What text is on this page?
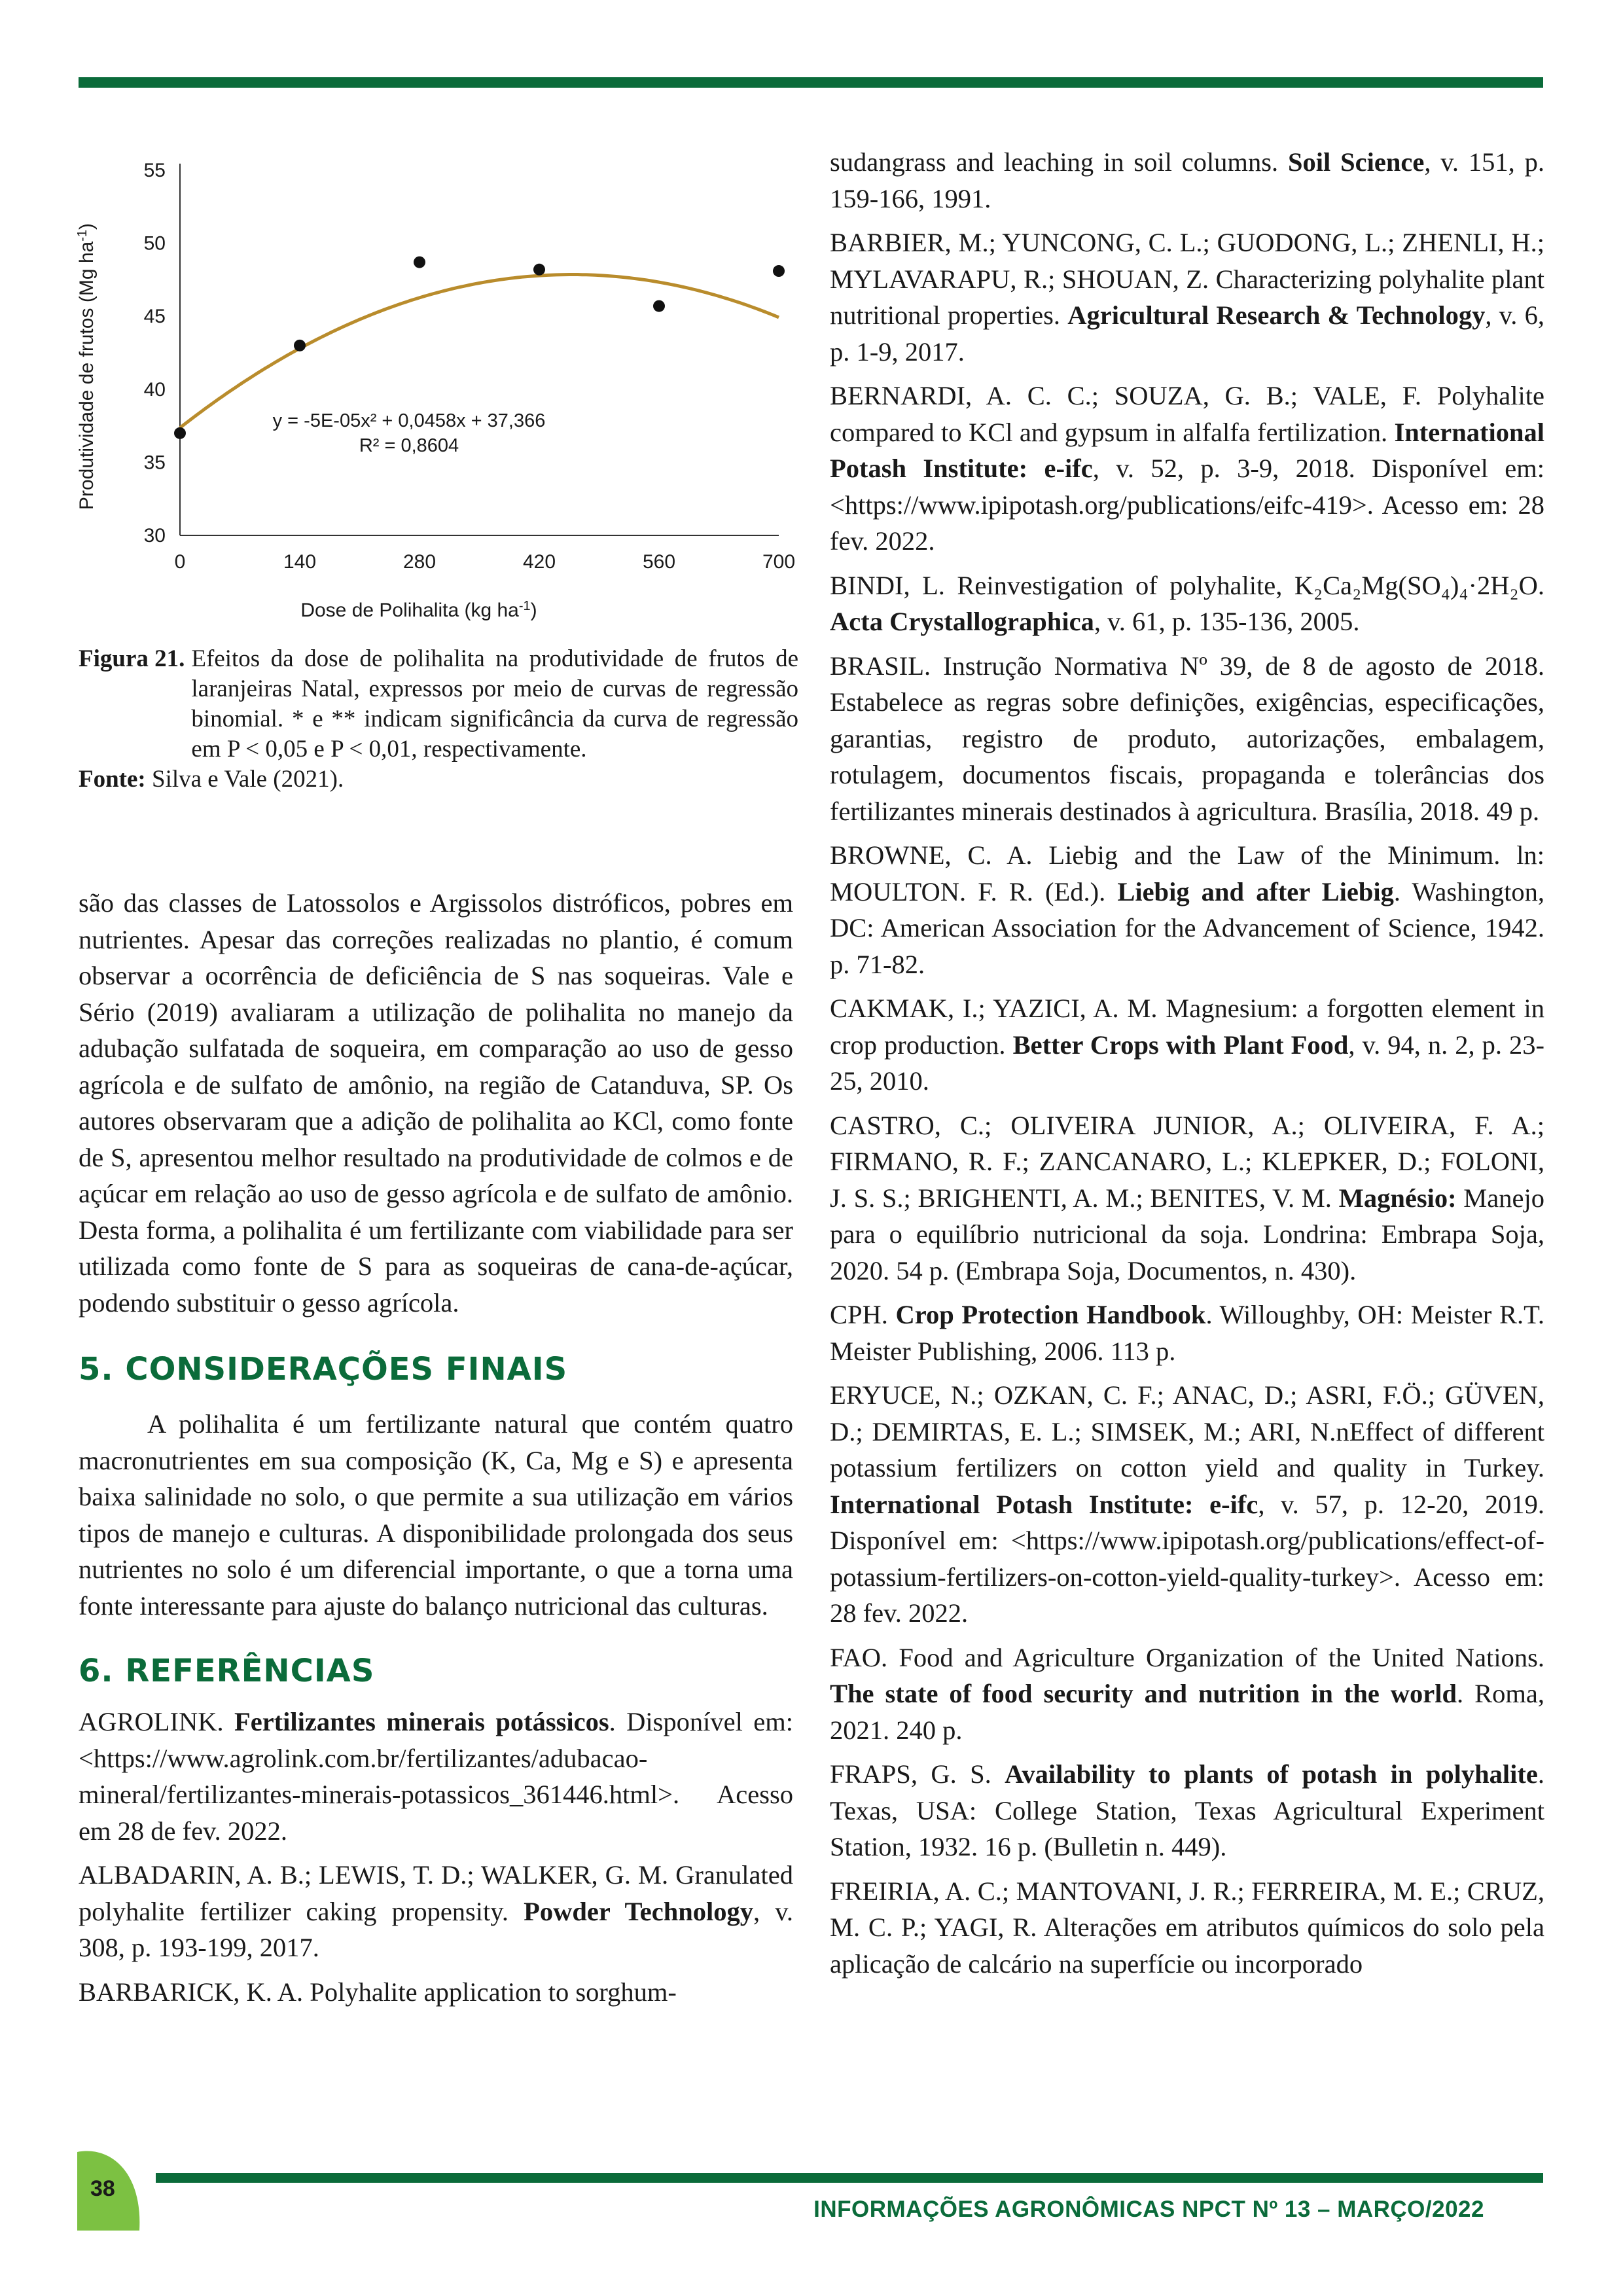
Produtividade de frutos (Mg $ha^{-1}$)
Dose de Polihalita (kg $ha^{-1}$)
y = -5E-05x² + 0,0458x + 37,366
R² = 0,8604
30
35
40
45
50
55
0	140	280	420	560	700
Figura 21. Efeitos da dose de polihalita na produtividade de frutos de laranjeiras Natal, expressos por meio de curvas de regressão binomial. * e ** indicam significância da curva de regressão em P < 0,05 e P < 0,01, respectivamente.
Fonte: Silva e Vale (2021).

são das classes de Latossolos e Argissolos distróficos, pobres em nutrientes. Apesar das correções realizadas no plantio, é comum observar a ocorrência de deficiência de S nas soqueiras. Vale e Sério (2019) avaliaram a utilização de polihalita no manejo da adubação sulfatada de soqueira, em comparação ao uso de gesso agrícola e de sulfato de amônio, na região de Catanduva, SP. Os autores observaram que a adição de polihalita ao KCl, como fonte de S, apresentou melhor resultado na produtividade de colmos e de açúcar em relação ao uso de gesso agrícola e de sulfato de amônio. Desta forma, a polihalita é um fertilizante com viabilidade para ser utilizada como fonte de S para as soqueiras de cana-de-açúcar, podendo substituir o gesso agrícola.

5. CONSIDERAÇÕES FINAIS

A polihalita é um fertilizante natural que contém quatro macronutrientes em sua composição (K, Ca, Mg e S) e apresenta baixa salinidade no solo, o que permite a sua utilização em vários tipos de manejo e culturas. A disponibilidade prolongada dos seus nutrientes no solo é um diferencial importante, o que a torna uma fonte interessante para ajuste do balanço nutricional das culturas.

6. REFERÊNCIAS

AGROLINK. Fertilizantes minerais potássicos. Disponível em: <https://www.agrolink.com.br/fertilizantes/adubacao-mineral/fertilizantes-minerais-potassicos_361446.html>. Acesso em 28 de fev. 2022.

ALBADARIN, A. B.; LEWIS, T. D.; WALKER, G. M. Granulated polyhalite fertilizer caking propensity. Powder Technology, v. 308, p. 193-199, 2017.

BARBARICK, K. A. Polyhalite application to sorghum-

sudangrass and leaching in soil columns. Soil Science, v. 151, p. 159-166, 1991.

BARBIER, M.; YUNCONG, C. L.; GUODONG, L.; ZHENLI, H.; MYLAVARAPU, R.; SHOUAN, Z. Characterizing polyhalite plant nutritional properties. Agricultural Research & Technology, v. 6, p. 1-9, 2017.

BERNARDI, A. C. C.; SOUZA, G. B.; VALE, F. Polyhalite compared to KCl and gypsum in alfalfa fertilization. International Potash Institute: e-ifc, v. 52, p. 3-9, 2018. Disponível em: <https://www.ipipotash.org/publications/eifc-419>. Acesso em: 28 fev. 2022.

BINDI, L. Reinvestigation of polyhalite, K₂Ca₂Mg(SO₄)₄·2H₂O. Acta Crystallographica, v. 61, p. 135-136, 2005.

BRASIL. Instrução Normativa Nº 39, de 8 de agosto de 2018. Estabelece as regras sobre definições, exigências, especificações, garantias, registro de produto, autorizações, embalagem, rotulagem, documentos fiscais, propaganda e tolerâncias dos fertilizantes minerais destinados à agricultura. Brasília, 2018. 49 p.

BROWNE, C. A. Liebig and the Law of the Minimum. ln: MOULTON. F. R. (Ed.). Liebig and after Liebig. Washington, DC: American Association for the Advancement of Science, 1942. p. 71-82.

CAKMAK, I.; YAZICI, A. M. Magnesium: a forgotten element in crop production. Better Crops with Plant Food, v. 94, n. 2, p. 23-25, 2010.

CASTRO, C.; OLIVEIRA JUNIOR, A.; OLIVEIRA, F. A.; FIRMANO, R. F.; ZANCANARO, L.; KLEPKER, D.; FOLONI, J. S. S.; BRIGHENTI, A. M.; BENITES, V. M. Magnésio: Manejo para o equilíbrio nutricional da soja. Londrina: Embrapa Soja, 2020. 54 p. (Embrapa Soja, Documentos, n. 430).

CPH. Crop Protection Handbook. Willoughby, OH: Meister R.T. Meister Publishing, 2006. 113 p.

ERYUCE, N.; OZKAN, C. F.; ANAC, D.; ASRI, F.Ö.; GÜVEN, D.; DEMIRTAS, E. L.; SIMSEK, M.; ARI, N.nEffect of different potassium fertilizers on cotton yield and quality in Turkey. International Potash Institute: e-ifc, v. 57, p. 12-20, 2019. Disponível em: <https://www.ipipotash.org/publications/effect-of-potassium-fertilizers-on-cotton-yield-quality-turkey>. Acesso em: 28 fev. 2022.

FAO. Food and Agriculture Organization of the United Nations. The state of food security and nutrition in the world. Roma, 2021. 240 p.

FRAPS, G. S. Availability to plants of potash in polyhalite. Texas, USA: College Station, Texas Agricultural Experiment Station, 1932. 16 p. (Bulletin n. 449).

FREIRIA, A. C.; MANTOVANI, J. R.; FERREIRA, M. E.; CRUZ, M. C. P.; YAGI, R. Alterações em atributos químicos do solo pela aplicação de calcário na superfície ou incorporado

38
INFORMAÇÕES AGRONÔMICAS NPCT Nº 13 – MARÇO/2022
